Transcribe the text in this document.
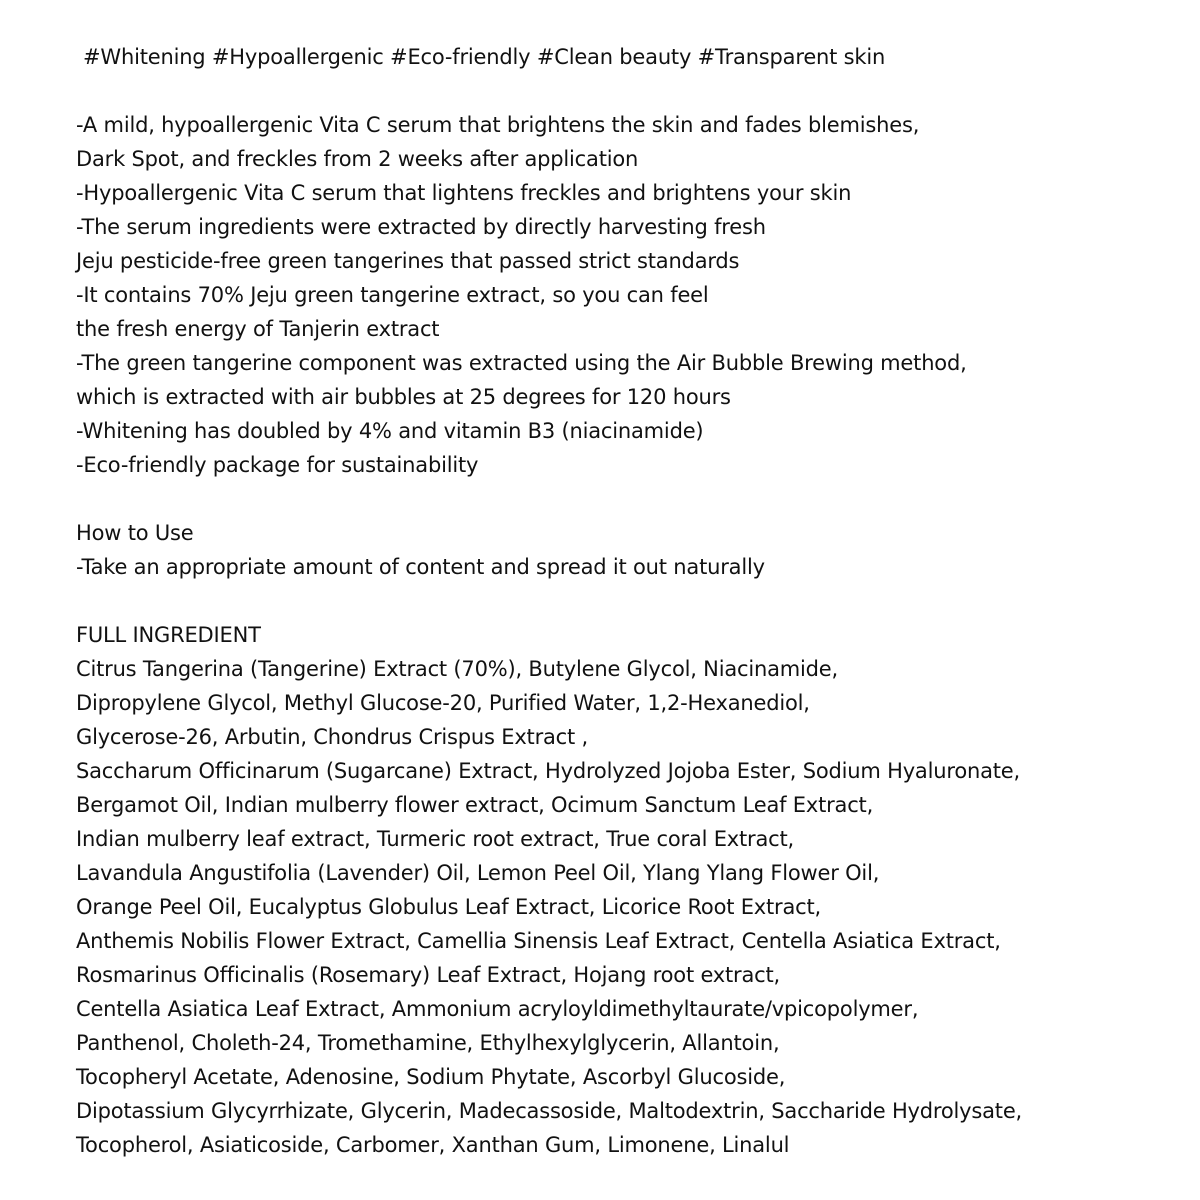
#Whitening #Hypoallergenic #Eco-friendly #Clean beauty #Transparent skin
-A mild, hypoallergenic Vita C serum that brightens the skin and fades blemishes,
Dark Spot, and freckles from 2 weeks after application
-Hypoallergenic Vita C serum that lightens freckles and brightens your skin
-The serum ingredients were extracted by directly harvesting fresh
Jeju pesticide-free green tangerines that passed strict standards
-It contains 70% Jeju green tangerine extract, so you can feel
the fresh energy of Tanjerin extract
-The green tangerine component was extracted using the Air Bubble Brewing method,
which is extracted with air bubbles at 25 degrees for 120 hours
-Whitening has doubled by 4% and vitamin B3 (niacinamide)
-Eco-friendly package for sustainability
How to Use
-Take an appropriate amount of content and spread it out naturally
FULL INGREDIENT
Citrus Tangerina (Tangerine) Extract (70%), Butylene Glycol, Niacinamide,
Dipropylene Glycol, Methyl Glucose-20, Purified Water, 1,2-Hexanediol,
Glycerose-26, Arbutin, Chondrus Crispus Extract ,
Saccharum Officinarum (Sugarcane) Extract, Hydrolyzed Jojoba Ester, Sodium Hyaluronate,
Bergamot Oil, Indian mulberry flower extract, Ocimum Sanctum Leaf Extract,
Indian mulberry leaf extract, Turmeric root extract, True coral Extract,
Lavandula Angustifolia (Lavender) Oil, Lemon Peel Oil, Ylang Ylang Flower Oil,
Orange Peel Oil, Eucalyptus Globulus Leaf Extract, Licorice Root Extract,
Anthemis Nobilis Flower Extract, Camellia Sinensis Leaf Extract, Centella Asiatica Extract,
Rosmarinus Officinalis (Rosemary) Leaf Extract, Hojang root extract,
Centella Asiatica Leaf Extract, Ammonium acryloyldimethyltaurate/vpicopolymer,
Panthenol, Choleth-24, Tromethamine, Ethylhexylglycerin, Allantoin,
Tocopheryl Acetate, Adenosine, Sodium Phytate, Ascorbyl Glucoside,
Dipotassium Glycyrrhizate, Glycerin, Madecassoside, Maltodextrin, Saccharide Hydrolysate,
Tocopherol, Asiaticoside, Carbomer, Xanthan Gum, Limonene, Linalul
